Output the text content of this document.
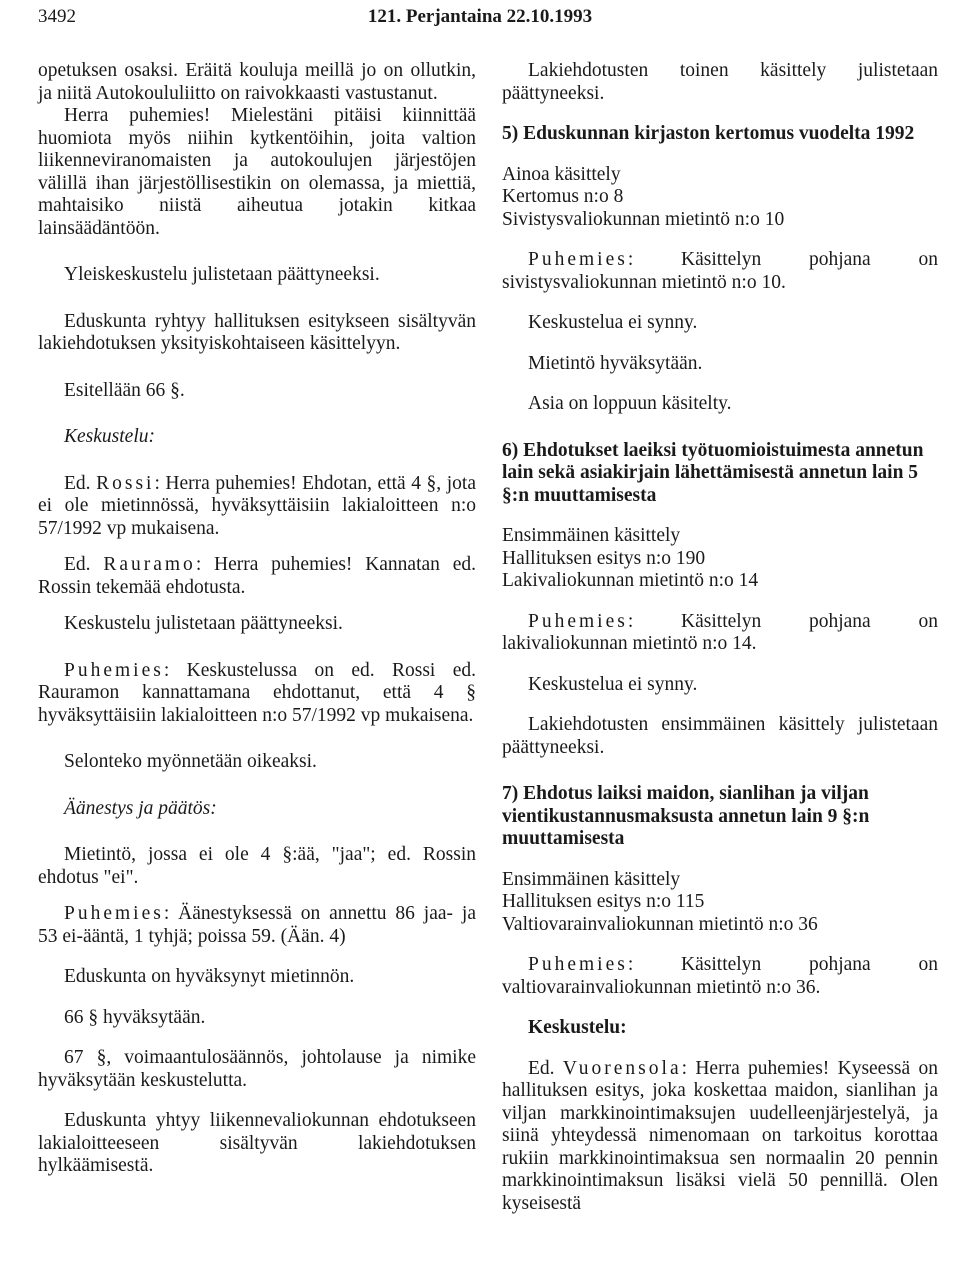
3492	121. Perjantaina 22.10.1993

opetuksen osaksi. Eräitä kouluja meillä jo on ollutkin, ja niitä Autokoululiitto on raivokkaasti vastustanut.

Herra puhemies! Mielestäni pitäisi kiinnittää huomiota myös niihin kytkentöihin, joita valtion liikenneviranomaisten ja autokoulujen järjestöjen välillä ihan järjestöllisestikin on olemassa, ja miettiä, mahtaisiko niistä aiheutua jotakin kitkaa lainsäädäntöön.

Yleiskeskustelu julistetaan päättyneeksi.

Eduskunta ryhtyy hallituksen esitykseen sisältyvän lakiehdotuksen yksityiskohtaiseen käsittelyyn.

Esitellään 66 §.

Keskustelu:

Ed. Rossi: Herra puhemies! Ehdotan, että 4 §, jota ei ole mietinnössä, hyväksyttäisiin lakialoitteen n:o 57/1992 vp mukaisena.

Ed. Rauramo: Herra puhemies! Kannatan ed. Rossin tekemää ehdotusta.

Keskustelu julistetaan päättyneeksi.

Puhemies: Keskustelussa on ed. Rossi ed. Rauramon kannattamana ehdottanut, että 4 § hyväksyttäisiin lakialoitteen n:o 57/1992 vp mukaisena.

Selonteko myönnetään oikeaksi.

Äänestys ja päätös:

Mietintö, jossa ei ole 4 §:ää, "jaa"; ed. Rossin ehdotus "ei".

Puhemies: Äänestyksessä on annettu 86 jaa- ja 53 ei-ääntä, 1 tyhjä; poissa 59. (Ään. 4)

Eduskunta on hyväksynyt mietinnön.

66 § hyväksytään.

67 §, voimaantulosäännös, johtolause ja nimike hyväksytään keskustelutta.

Eduskunta yhtyy liikennevaliokunnan ehdotukseen lakialoitteeseen sisältyvän lakiehdotuksen hylkäämisestä.

Lakiehdotusten toinen käsittely julistetaan päättyneeksi.

5) Eduskunnan kirjaston kertomus vuodelta 1992

Ainoa käsittely

Kertomus n:o 8

Sivistysvaliokunnan mietintö n:o 10

Puhemies: Käsittelyn pohjana on sivistysvaliokunnan mietintö n:o 10.

Keskustelua ei synny.

Mietintö hyväksytään.

Asia on loppuun käsitelty.

6) Ehdotukset laeiksi työtuomioistuimesta annetun lain sekä asiakirjain lähettämisestä annetun lain 5 §:n muuttamisesta

Ensimmäinen käsittely

Hallituksen esitys n:o 190

Lakivaliokunnan mietintö n:o 14

Puhemies: Käsittelyn pohjana on lakivaliokunnan mietintö n:o 14.

Keskustelua ei synny.

Lakiehdotusten ensimmäinen käsittely julistetaan päättyneeksi.

7) Ehdotus laiksi maidon, sianlihan ja viljan vientikustannusmaksusta annetun lain 9 §:n muuttamisesta

Ensimmäinen käsittely

Hallituksen esitys n:o 115

Valtiovarainvaliokunnan mietintö n:o 36

Puhemies: Käsittelyn pohjana on valtiovarainvaliokunnan mietintö n:o 36.

Keskustelu:

Ed. Vuorensola: Herra puhemies! Kyseessä on hallituksen esitys, joka koskettaa maidon, sianlihan ja viljan markkinointimaksujen uudelleenjärjestelyä, ja siinä yhteydessä nimenomaan on tarkoitus korottaa rukiin markkinointimaksua sen normaalin 20 pennin markkinointimaksun lisäksi vielä 50 pennillä. Olen kyseisestä
